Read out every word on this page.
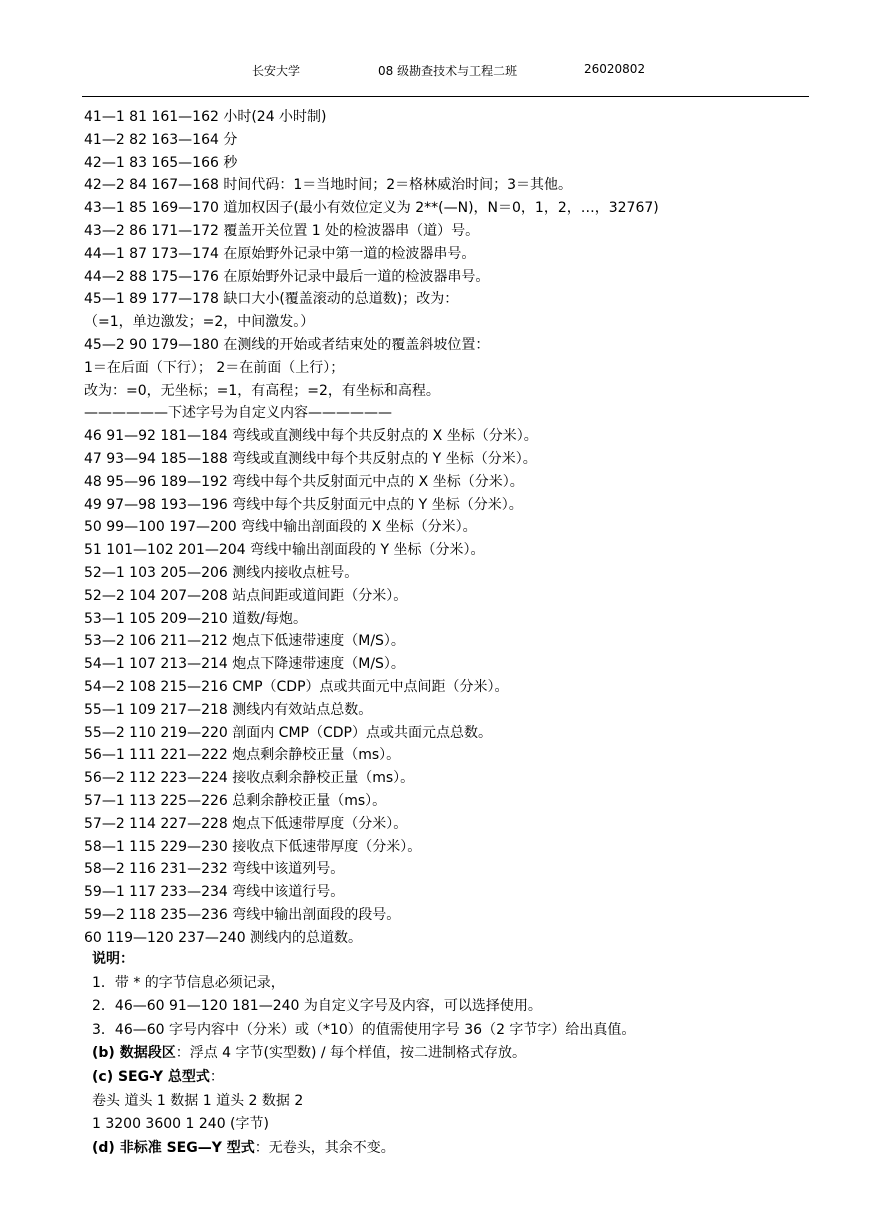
长安大学	08 级勘查技术与工程二班	26020802
41—1 81 161—162 小时(24 小时制)
41—2 82 163—164 分
42—1 83 165—166 秒
42—2 84 167—168 时间代码：1＝当地时间；2＝格林威治时间；3＝其他。
43—1 85 169—170 道加权因子(最小有效位定义为 2**(—N)，N＝0，1，2，…，32767)
43—2 86 171—172 覆盖开关位置 1 处的检波器串（道）号。
44—1 87 173—174 在原始野外记录中第一道的检波器串号。
44—2 88 175—176 在原始野外记录中最后一道的检波器串号。
45—1 89 177—178 缺口大小(覆盖滚动的总道数)；改为：
（=1，单边激发；=2，中间激发。）
45—2 90 179—180 在测线的开始或者结束处的覆盖斜坡位置：
1＝在后面（下行）； 2＝在前面（上行）；
改为：=0，无坐标；=1，有高程；=2，有坐标和高程。
——————下述字号为自定义内容——————
46 91—92 181—184 弯线或直测线中每个共反射点的 X 坐标（分米）。
47 93—94 185—188 弯线或直测线中每个共反射点的 Y 坐标（分米）。
48 95—96 189—192 弯线中每个共反射面元中点的 X 坐标（分米）。
49 97—98 193—196 弯线中每个共反射面元中点的 Y 坐标（分米）。
50 99—100 197—200 弯线中输出剖面段的 X 坐标（分米）。
51 101—102 201—204 弯线中输出剖面段的 Y 坐标（分米）。
52—1 103 205—206 测线内接收点桩号。
52—2 104 207—208 站点间距或道间距（分米）。
53—1 105 209—210 道数/每炮。
53—2 106 211—212 炮点下低速带速度（M/S）。
54—1 107 213—214 炮点下降速带速度（M/S）。
54—2 108 215—216 CMP（CDP）点或共面元中点间距（分米）。
55—1 109 217—218 测线内有效站点总数。
55—2 110 219—220 剖面内 CMP（CDP）点或共面元点总数。
56—1 111 221—222 炮点剩余静校正量（ms）。
56—2 112 223—224 接收点剩余静校正量（ms）。
57—1 113 225—226 总剩余静校正量（ms）。
57—2 114 227—228 炮点下低速带厚度（分米）。
58—1 115 229—230 接收点下低速带厚度（分米）。
58—2 116 231—232 弯线中该道列号。
59—1 117 233—234 弯线中该道行号。
59—2 118 235—236 弯线中输出剖面段的段号。
60 119—120 237—240 测线内的总道数。
说明：
1．带 * 的字节信息必须记录，
2．46—60 91—120 181—240 为自定义字号及内容，可以选择使用。
3．46—60 字号内容中（分米）或（*10）的值需使用字号 36（2 字节字）给出真值。
(b) 数据段区：浮点 4 字节(实型数) / 每个样值，按二进制格式存放。
(c) SEG-Y 总型式：
卷头 道头 1 数据 1 道头 2 数据 2
1 3200 3600 1 240 (字节)
(d) 非标准 SEG—Y 型式：无卷头，其余不变。
